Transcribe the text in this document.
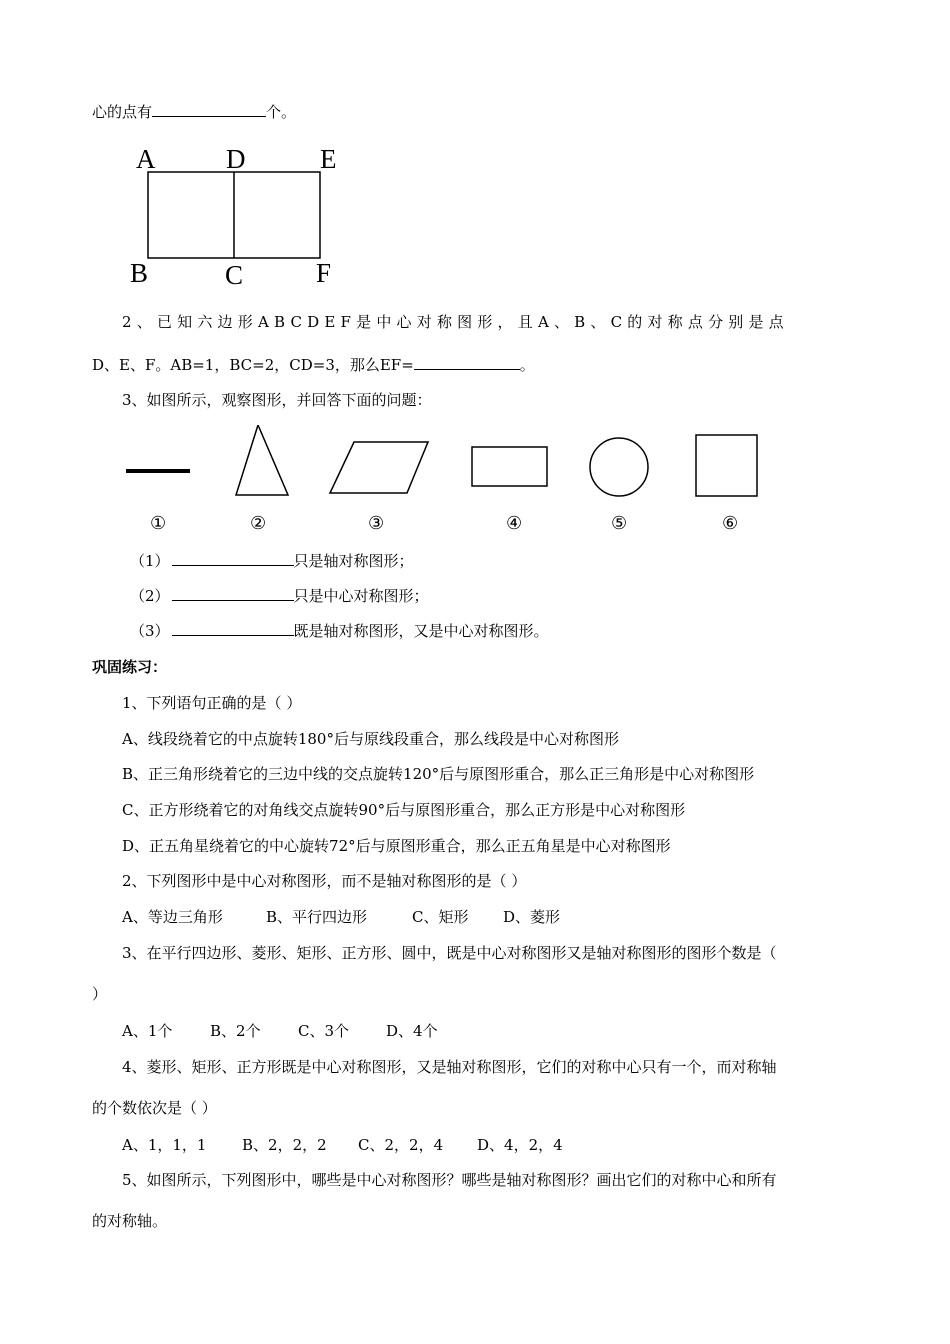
心的点有	个。
A	D	E
B	C	F
2、已知六边形ABCDEF是中心对称图形，且A、B、C的对称点分别是点
D、E、F。AB=1，BC=2，CD=3，那么EF=	。
3、如图所示，观察图形，并回答下面的问题：
①	②	③	④	⑤	⑥
（1）	只是轴对称图形；
（2）	只是中心对称图形；
（3）	既是轴对称图形，又是中心对称图形。
巩固练习：
1、下列语句正确的是（ ）
A、线段绕着它的中点旋转180°后与原线段重合，那么线段是中心对称图形
B、正三角形绕着它的三边中线的交点旋转120°后与原图形重合，那么正三角形是中心对称图形
C、正方形绕着它的对角线交点旋转90°后与原图形重合，那么正方形是中心对称图形
D、正五角星绕着它的中心旋转72°后与原图形重合，那么正五角星是中心对称图形
2、下列图形中是中心对称图形，而不是轴对称图形的是（ ）
A、等边三角形	B、平行四边形	C、矩形 D、菱形
3、在平行四边形、菱形、矩形、正方形、圆中，既是中心对称图形又是轴对称图形的图形个数是（
）
A、1个	B、2个 C、3个 D、4个
4、菱形、矩形、正方形既是中心对称图形，又是轴对称图形，它们的对称中心只有一个，而对称轴
的个数依次是（ ）
A、1，1，1 B、2，2，2 C、2，2，4 D、4，2，4
5、如图所示，下列图形中，哪些是中心对称图形？哪些是轴对称图形？画出它们的对称中心和所有
的对称轴。
